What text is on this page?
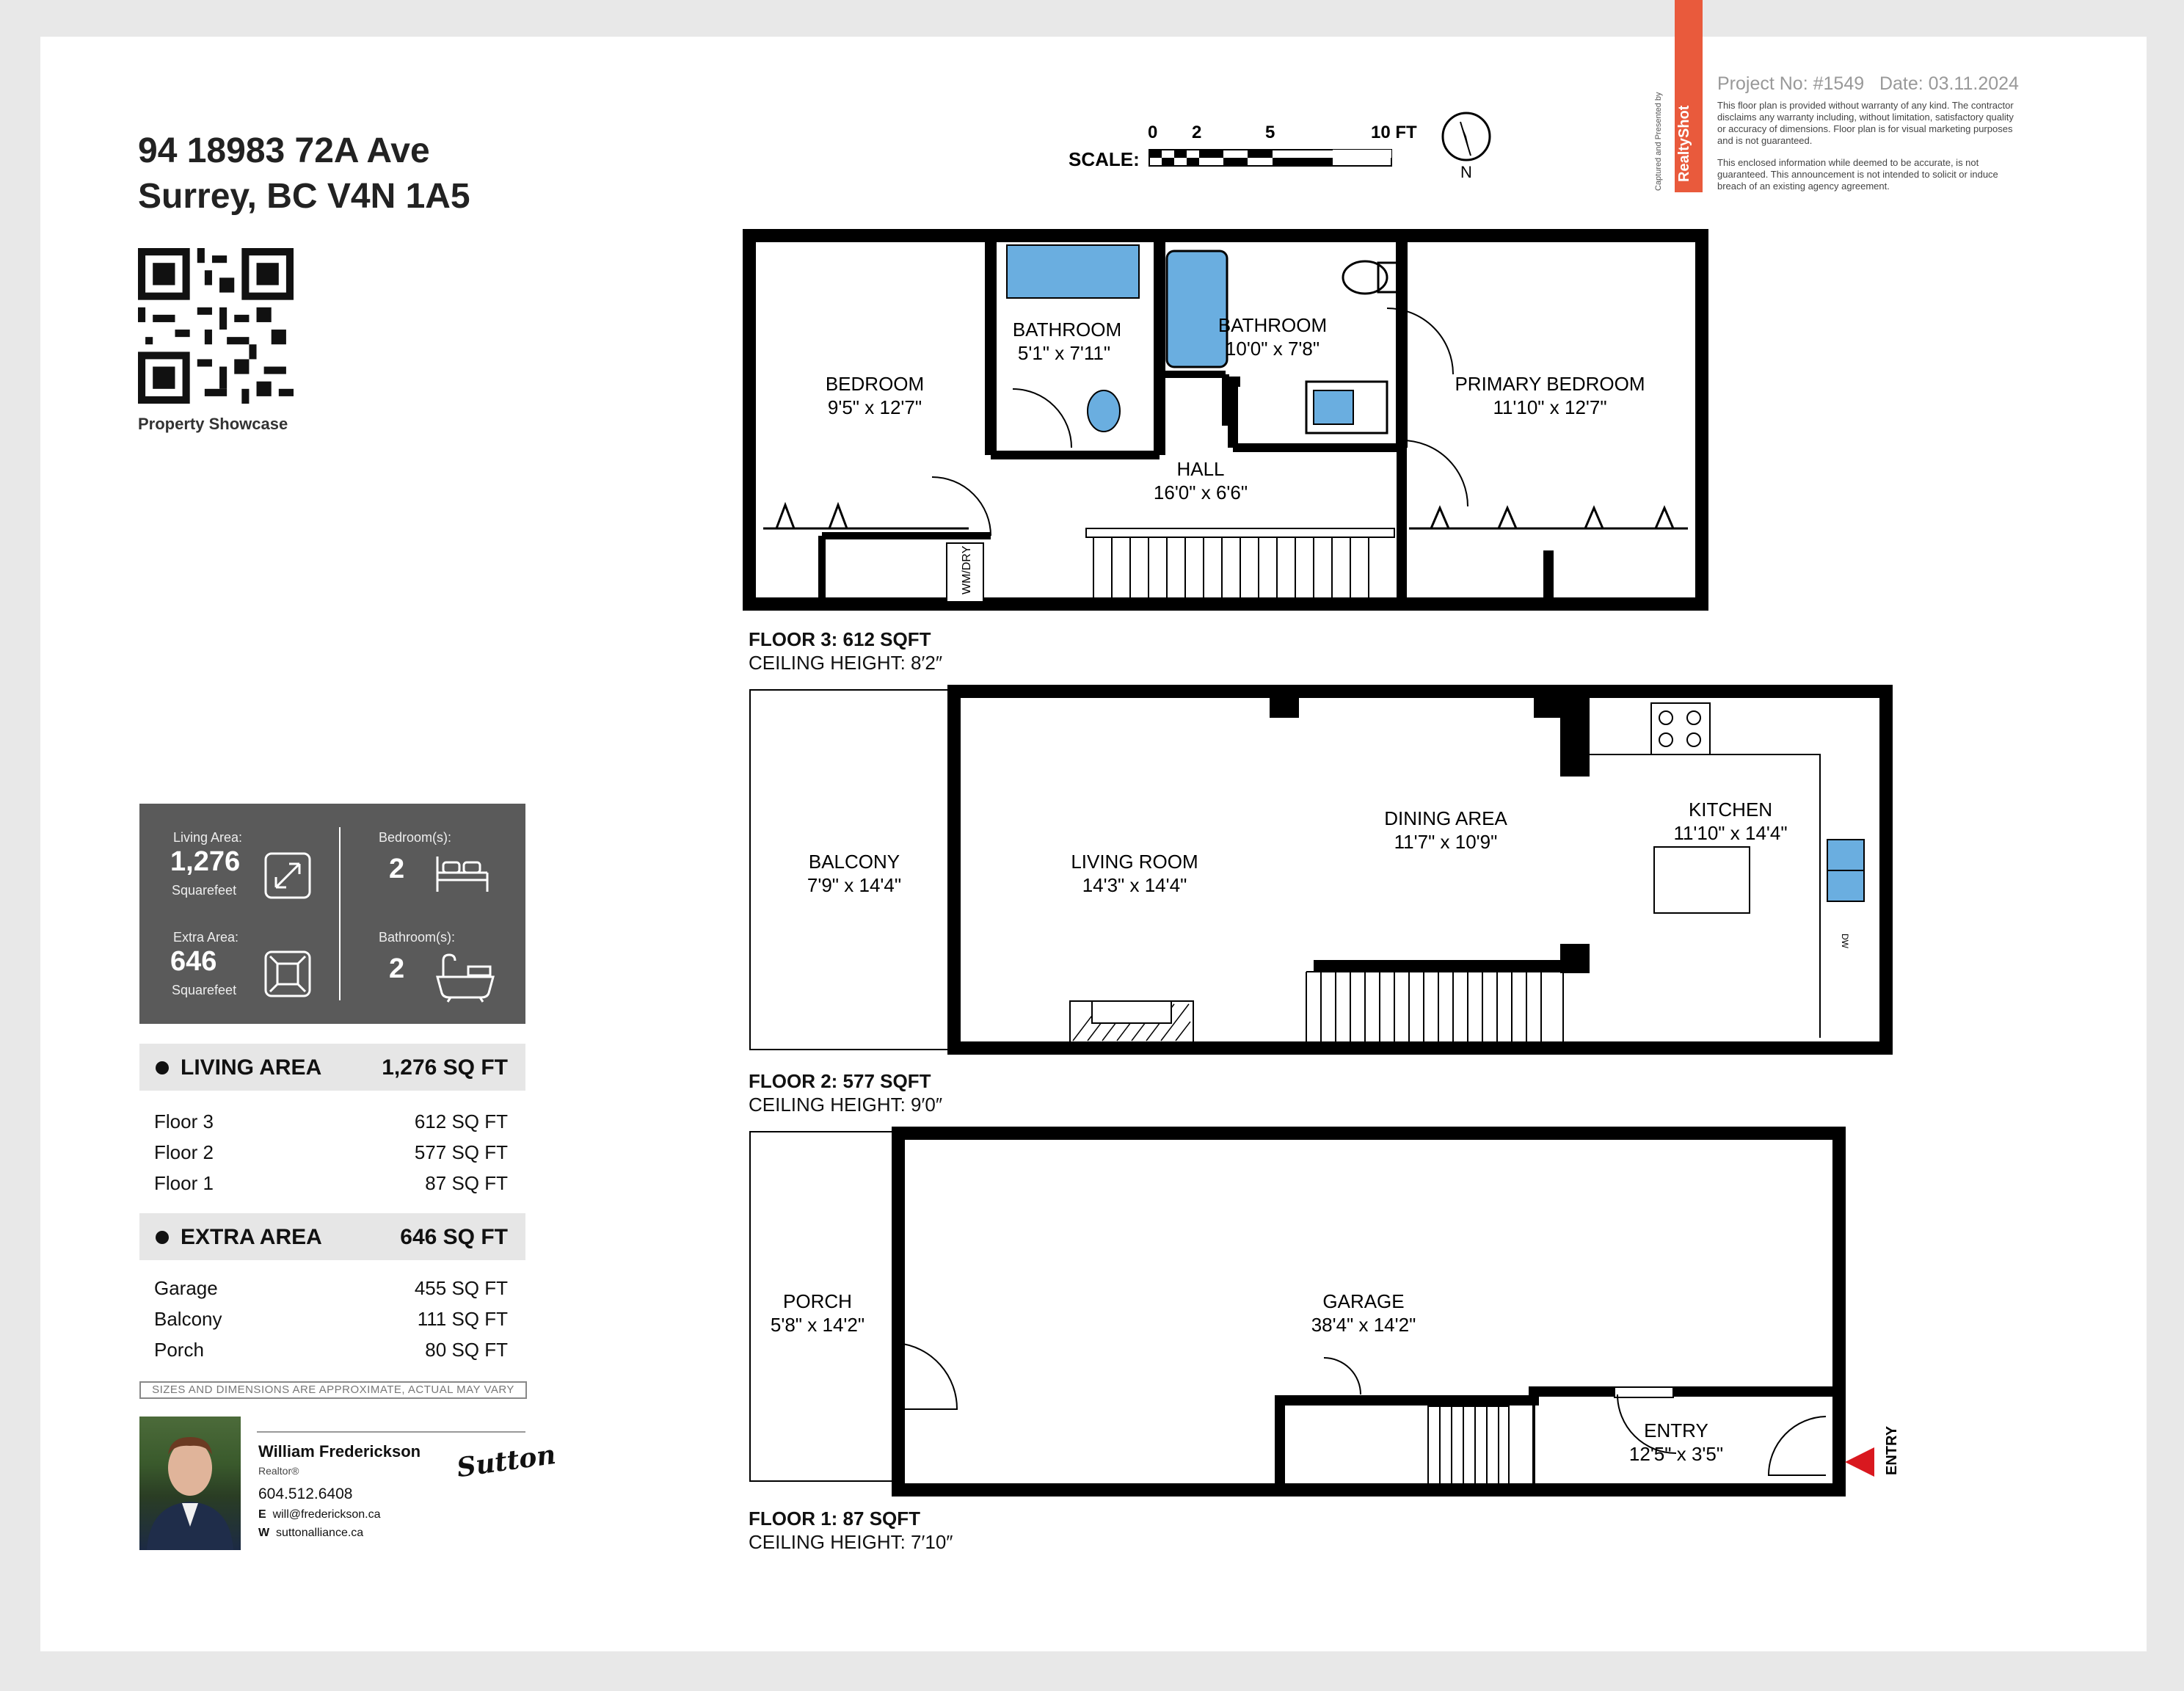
94 18983 72A Ave
Surrey, BC V4N 1A5
Property Showcase
Living Area:
1,276
Squarefeet
Extra Area:
646
Squarefeet
Bedroom(s):
2
Bathroom(s):
2
LIVING AREA	1,276 SQ FT
Floor 3	612 SQ FT
Floor 2	577 SQ FT
Floor 1	87 SQ FT
EXTRA AREA	646 SQ FT
Garage	455 SQ FT
Balcony	111 SQ FT
Porch	80 SQ FT
SIZES AND DIMENSIONS ARE APPROXIMATE, ACTUAL MAY VARY
William Frederickson
Realtor®
604.512.6408
E will@frederickson.ca
W suttonalliance.ca
Sutton
RealtyShot
Captured and Presented by
Project No: #1549 Date: 03.11.2024
This floor plan is provided without warranty of any kind. The contractor
disclaims any warranty including, without limitation, satisfactory quality
or accuracy of dimensions. Floor plan is for visual marketing purposes
and is not guaranteed.
This enclosed information while deemed to be accurate, is not
guaranteed. This announcement is not intended to solicit or induce
breach of an existing agency agreement.
SCALE:
0 2	5	10 FT
N
WM/DRY
BEDROOM
9'5" x 12'7"
BATHROOM
5'1" x 7'11"
BATHROOM
10'0" x 7'8"
PRIMARY BEDROOM
11'10" x 12'7"
HALL
16'0" x 6'6"
FLOOR 3: 612 SQFT
CEILING HEIGHT: 8′2″
DW
BALCONY
7'9" x 14'4"
LIVING ROOM
14'3" x 14'4"
DINING AREA
11'7" x 10'9"
KITCHEN
11'10" x 14'4"
FLOOR 2: 577 SQFT
CEILING HEIGHT: 9′0″
ENTRY
PORCH
5'8" x 14'2"
GARAGE
38'4" x 14'2"
ENTRY
12'5" x 3'5"
FLOOR 1: 87 SQFT
CEILING HEIGHT: 7′10″
